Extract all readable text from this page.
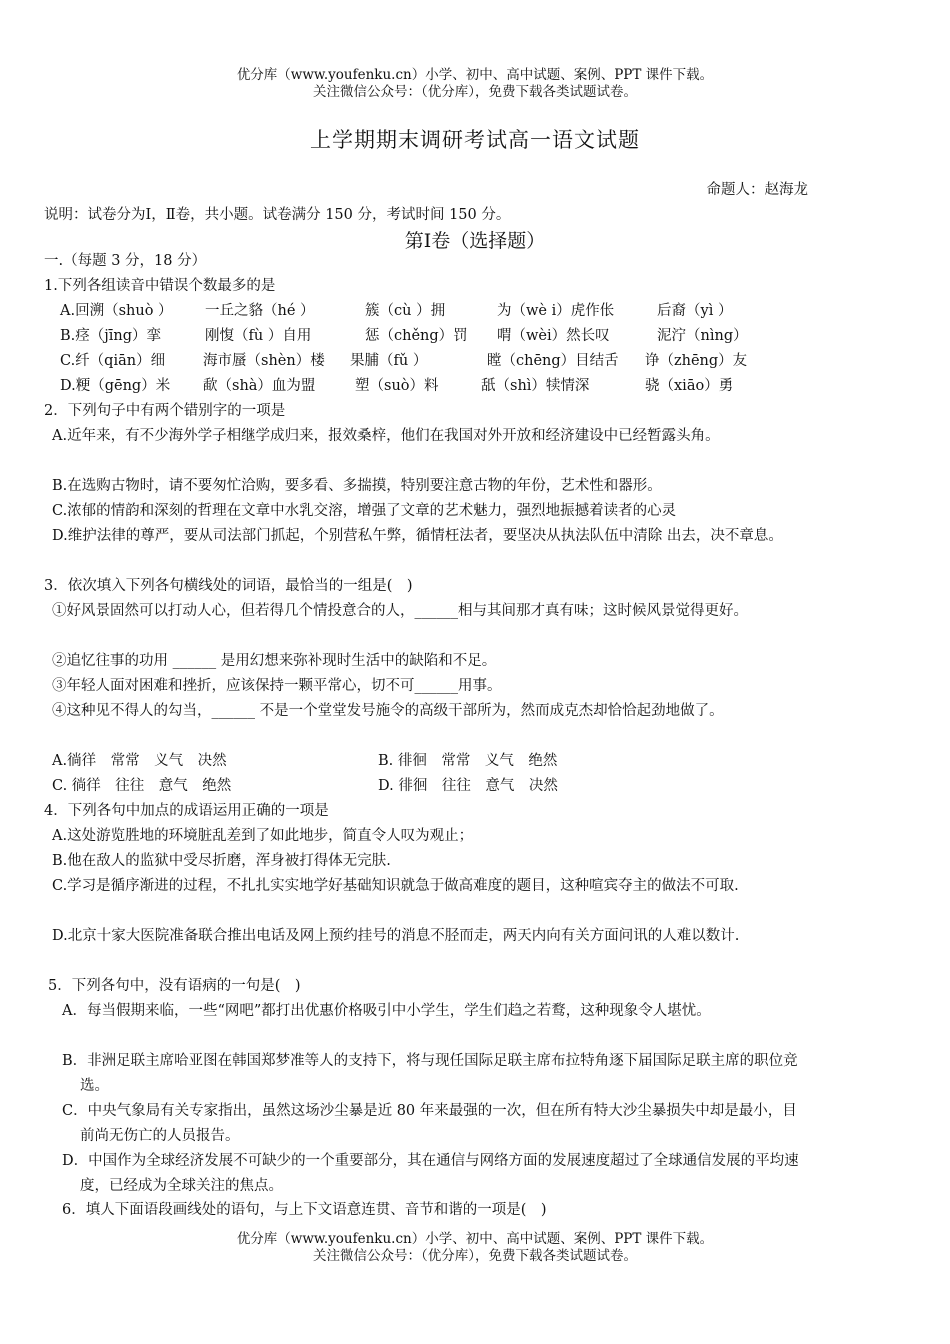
优分库（www.youfenku.cn）小学、初中、高中试题、案例、PPT 课件下载。
关注微信公众号：（优分库），免费下载各类试题试卷。
上学期期末调研考试高一语文试题
命题人：赵海龙
说明：试卷分为Ⅰ，Ⅱ卷，共小题。试卷满分 150 分，考试时间 150 分。
第Ⅰ卷（选择题）
一.（每题 3 分，18 分）
1.下列各组读音中错误个数最多的是
A.回溯（shuò ） 一丘之貉（hé ）	簇（cù ）拥	为（wè i）虎作伥	后裔（yì ）
B.痉（jīng）挛	刚愎（fù ）自用	惩（chěng）罚 喟（wèi）然长叹	泥泞（nìng）
C.纤（qiān）细	海市蜃（shèn）楼 果脯（fǔ ）	瞠（chēng）目结舌 诤（zhēng）友
D.粳（gēng）米 歃（shà）血为盟	塑（suò）料	舐（shì）犊情深	骁（xiāo）勇
2．下列句子中有两个错别字的一项是
A.近年来，有不少海外学子相继学成归来，报效桑梓，他们在我国对外开放和经济建设中已经暂露头角。
B.在选购古物时，请不要匆忙洽购，要多看、多揣摸，特别要注意古物的年份，艺术性和器形。
C.浓郁的情韵和深刻的哲理在文章中水乳交溶，增强了文章的艺术魅力，强烈地振撼着读者的心灵
D.维护法律的尊严，要从司法部门抓起，个别营私午弊，循情枉法者，要坚决从执法队伍中清除 出去，决不章息。
3．依次填入下列各句横线处的词语，最恰当的一组是(　)
①好风景固然可以打动人心，但若得几个情投意合的人，______相与其间那才真有味；这时候风景觉得更好。
②追忆往事的功用 ______ 是用幻想来弥补现时生活中的缺陷和不足。
③年轻人面对困难和挫折，应该保持一颗平常心，切不可______用事。
④这种见不得人的勾当，______ 不是一个堂堂发号施令的高级干部所为，然而成克杰却恰恰起劲地做了。
A.徜徉　常常　义气　决然	B. 徘徊　常常　义气　绝然
C. 徜徉　往往　意气　绝然	D. 徘徊　往往　意气　决然
4．下列各句中加点的成语运用正确的一项是
A.这处游览胜地的环境脏乱差到了如此地步，简直令人叹为观止；
B.他在敌人的监狱中受尽折磨，浑身被打得体无完肤.
C.学习是循序渐进的过程，不扎扎实实地学好基础知识就急于做高难度的题目，这种喧宾夺主的做法不可取.
D.北京十家大医院准备联合推出电话及网上预约挂号的消息不胫而走，两天内向有关方面问讯的人难以数计.
5．下列各句中，没有语病的一句是(　)
A．每当假期来临，一些“网吧”都打出优惠价格吸引中小学生，学生们趋之若鹜，这种现象令人堪忧。
B．非洲足联主席哈亚图在韩国郑梦准等人的支持下，将与现任国际足联主席布拉特角逐下届国际足联主席的职位竞选。
C．中央气象局有关专家指出，虽然这场沙尘暴是近 80 年来最强的一次，但在所有特大沙尘暴损失中却是最小，目前尚无伤亡的人员报告。
D．中国作为全球经济发展不可缺少的一个重要部分，其在通信与网络方面的发展速度超过了全球通信发展的平均速度，已经成为全球关注的焦点。
6．填人下面语段画线处的语句，与上下文语意连贯、音节和谐的一项是(　)
优分库（www.youfenku.cn）小学、初中、高中试题、案例、PPT 课件下载。
关注微信公众号：（优分库），免费下载各类试题试卷。
